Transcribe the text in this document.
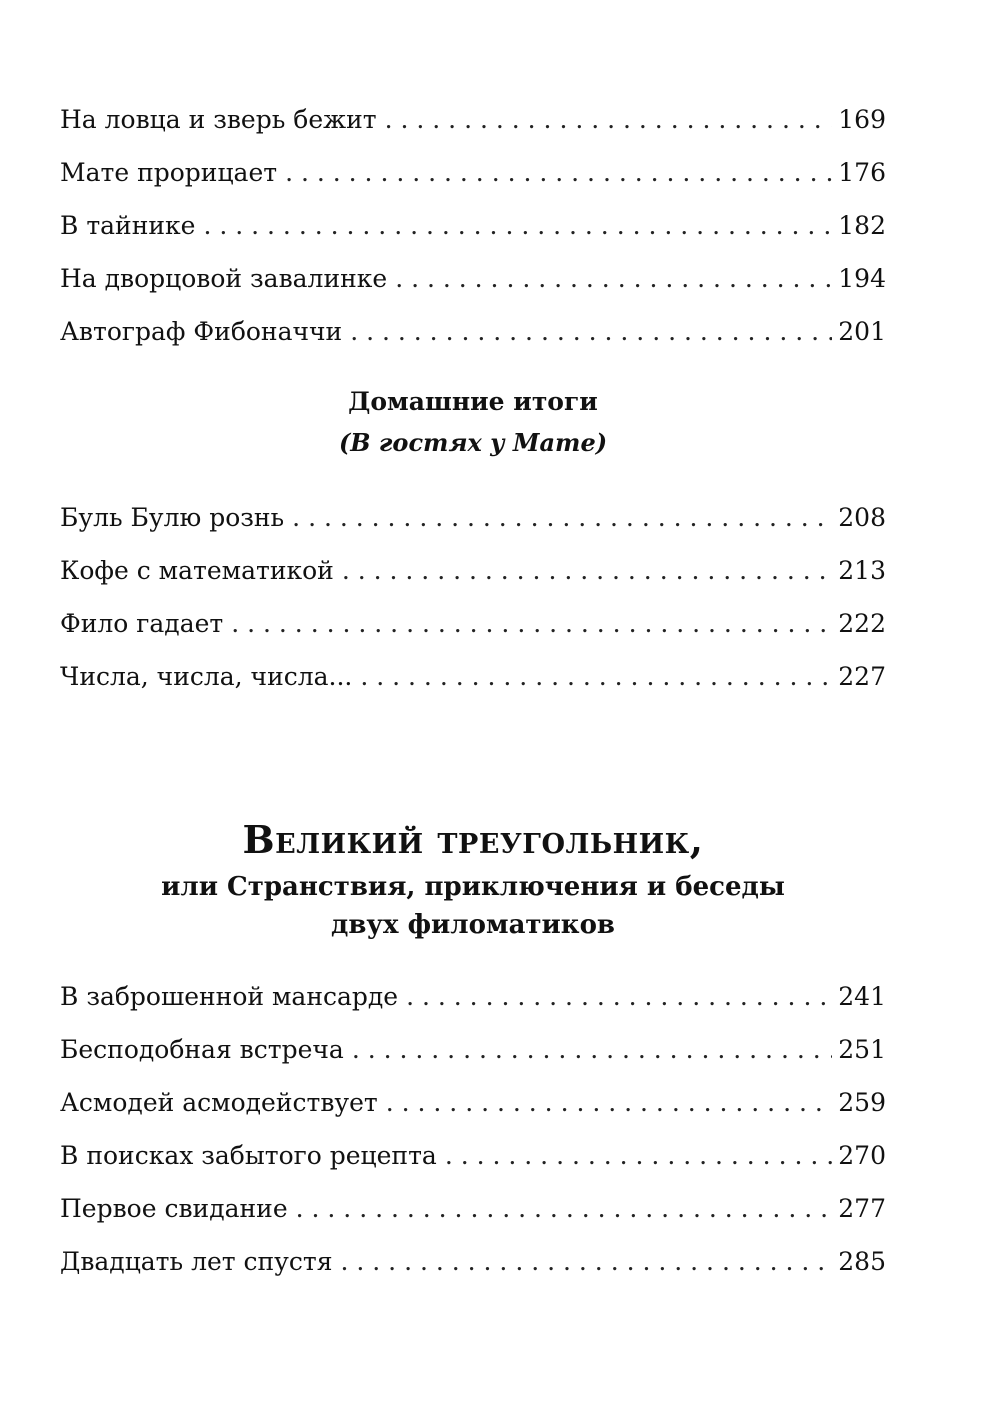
На ловца и зверь бежит . . .	169
Мате прорицает . . .	176
В тайнике . . .	182
На дворцовой завалинке . . .	194
Автограф Фибоначчи . . .	201
Домашние итоги
(В гостях у Мате)
Буль Булю рознь . . .	208
Кофе с математикой . . .	213
Фило гадает . . .	222
Числа, числа, числа... . . .	227
Великий треугольник,
или Странствия, приключения и беседы
двух филоматиков
В заброшенной мансарде . . .	241
Бесподобная встреча . . .	251
Асмодей асмодействует . . .	259
В поисках забытого рецепта . . .	270
Первое свидание . . .	277
Двадцать лет спустя . . .	285
